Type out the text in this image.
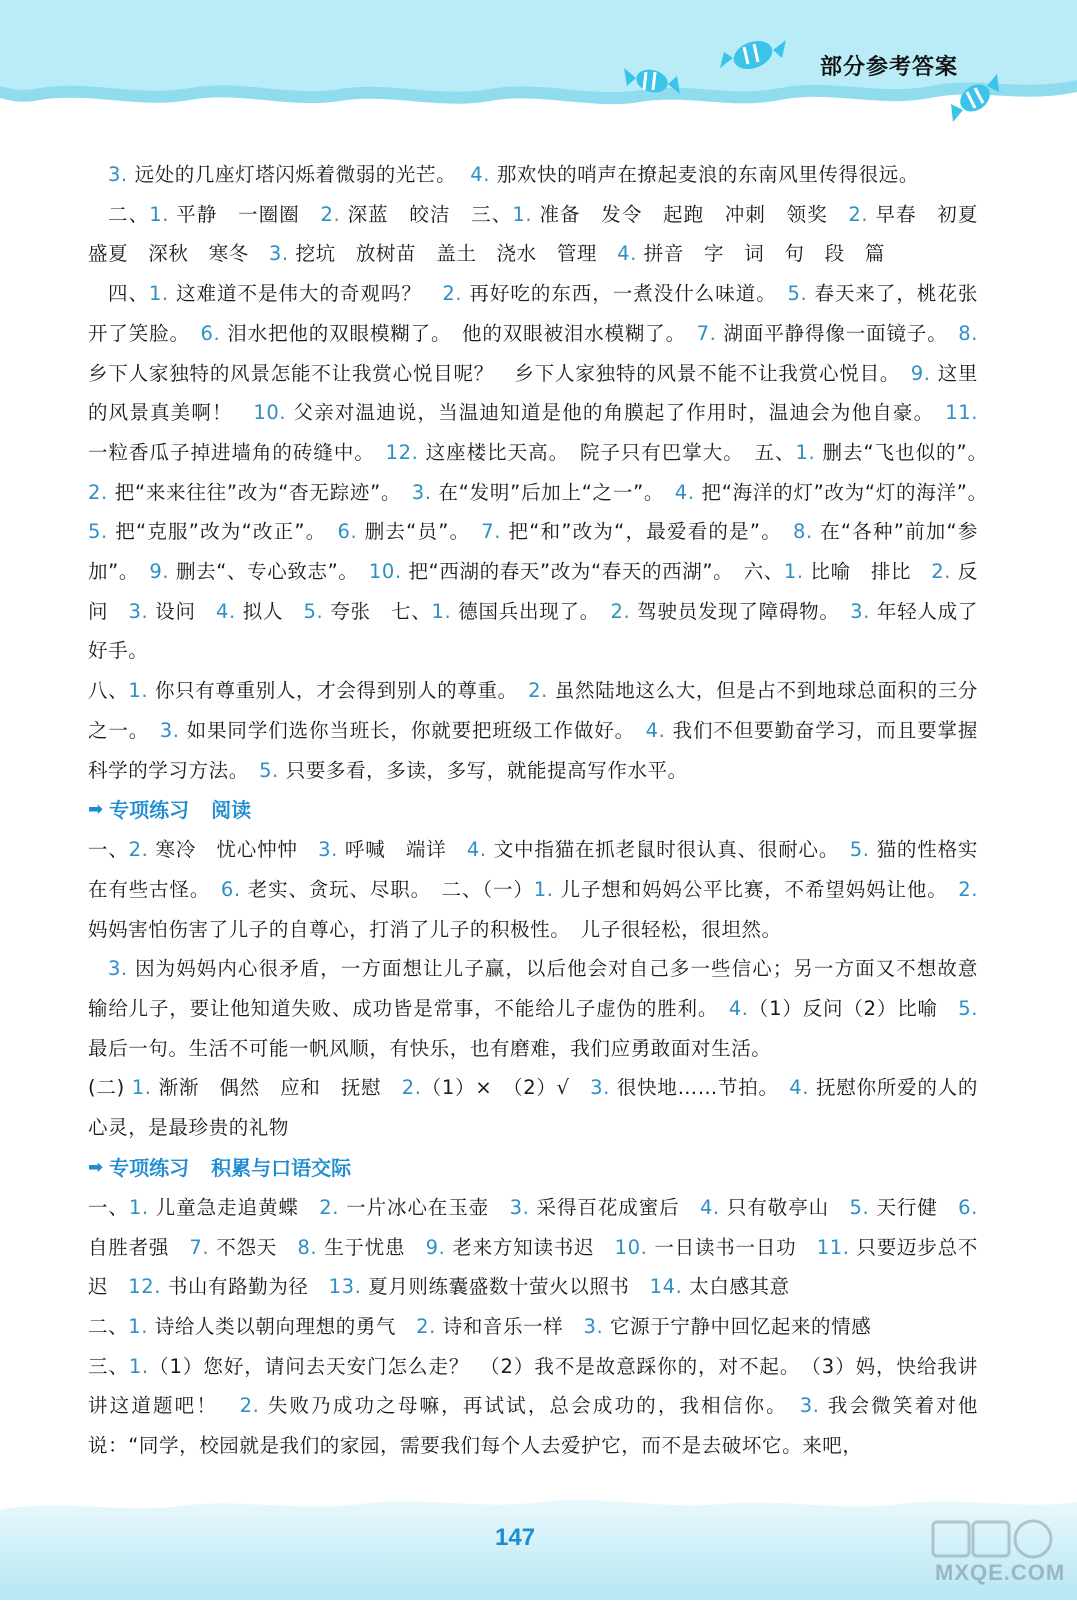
部分参考答案

3. 远处的几座灯塔闪烁着微弱的光芒。 4. 那欢快的哨声在撩起麦浪的东南风里传得很远。

二、1. 平静　一圈圈　2. 深蓝　皎洁　三、1. 准备　发令　起跑　冲刺　领奖　2. 早春　初夏　盛夏　深秋　寒冬　3. 挖坑　放树苗　盖土　浇水　管理　4. 拼音　字　词　句　段　篇

四、1. 这难道不是伟大的奇观吗？　2. 再好吃的东西，一煮没什么味道。　5. 春天来了，桃花张开了笑脸。　6. 泪水把他的双眼模糊了。　他的双眼被泪水模糊了。　7. 湖面平静得像一面镜子。　8. 乡下人家独特的风景怎能不让我赏心悦目呢？　乡下人家独特的风景不能不让我赏心悦目。　9. 这里的风景真美啊！　10. 父亲对温迪说，当温迪知道是他的角膜起了作用时，温迪会为他自豪。　11. 一粒香瓜子掉进墙角的砖缝中。　12. 这座楼比天高。　院子只有巴掌大。　五、1. 删去“飞也似的”。　2. 把“来来往往”改为“杳无踪迹”。　3. 在“发明”后加上“之一”。　4. 把“海洋的灯”改为“灯的海洋”。　5. 把“克服”改为“改正”。　6. 删去“员”。　7. 把“和”改为“，最爱看的是”。　8. 在“各种”前加“参加”。　9. 删去“、专心致志”。　10. 把“西湖的春天”改为“春天的西湖”。　六、1. 比喻　排比　2. 反问　3. 设问　4. 拟人　5. 夸张　七、1. 德国兵出现了。　2. 驾驶员发现了障碍物。　3. 年轻人成了好手。

八、1. 你只有尊重别人，才会得到别人的尊重。　2. 虽然陆地这么大，但是占不到地球总面积的三分之一。　3. 如果同学们选你当班长，你就要把班级工作做好。　4. 我们不但要勤奋学习，而且要掌握科学的学习方法。　5. 只要多看，多读，多写，就能提高写作水平。

➡ 专项练习 阅读

一、2. 寒冷　忧心忡忡　3. 呼喊　端详　4. 文中指猫在抓老鼠时很认真、很耐心。　5. 猫的性格实在有些古怪。　6. 老实、贪玩、尽职。　二、（一）1. 儿子想和妈妈公平比赛，不希望妈妈让他。　2. 妈妈害怕伤害了儿子的自尊心，打消了儿子的积极性。　儿子很轻松，很坦然。

3. 因为妈妈内心很矛盾，一方面想让儿子赢，以后他会对自己多一些信心；另一方面又不想故意输给儿子，要让他知道失败、成功皆是常事，不能给儿子虚伪的胜利。　4.（1）反问（2）比喻　5. 最后一句。生活不可能一帆风顺，有快乐，也有磨难，我们应勇敢面对生活。

(二) 1. 渐渐　偶然　应和　抚慰　2.（1）×　（2）√　3. 很快地……节拍。　4. 抚慰你所爱的人的心灵，是最珍贵的礼物

➡ 专项练习 积累与口语交际

一、1. 儿童急走追黄蝶　2. 一片冰心在玉壶　3. 采得百花成蜜后　4. 只有敬亭山　5. 天行健　6. 自胜者强　7. 不怨天　8. 生于忧患　9. 老来方知读书迟　10. 一日读书一日功　11. 只要迈步总不迟　12. 书山有路勤为径　13. 夏月则练囊盛数十萤火以照书　14. 太白感其意

二、1. 诗给人类以朝向理想的勇气　2. 诗和音乐一样　3. 它源于宁静中回忆起来的情感

三、1.（1）您好，请问去天安门怎么走？　（2）我不是故意踩你的，对不起。　（3）妈，快给我讲讲这道题吧！　2. 失败乃成功之母嘛，再试试，总会成功的，我相信你。　3. 我会微笑着对他说：“同学，校园就是我们的家园，需要我们每个人去爱护它，而不是去破坏它。来吧，

147
MXQE.COM
